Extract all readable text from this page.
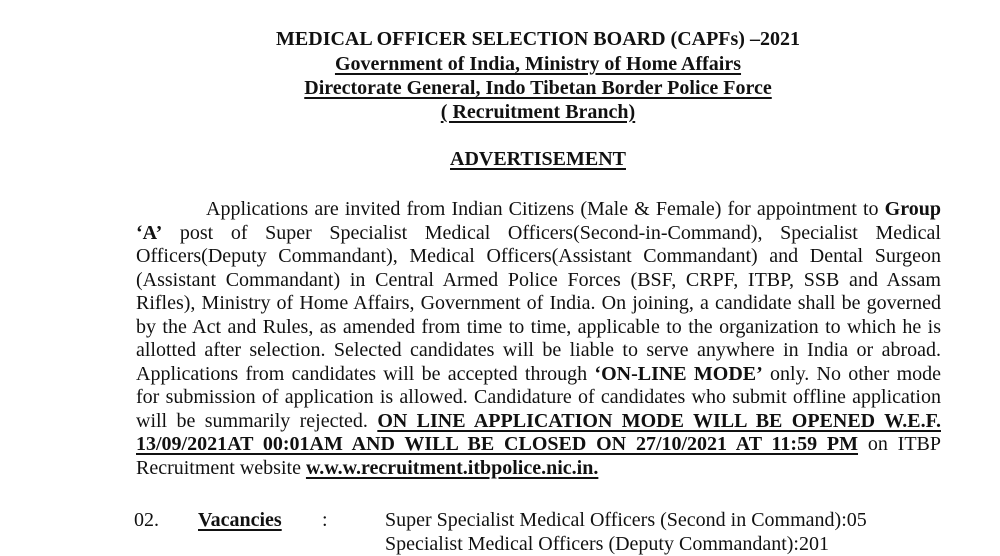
MEDICAL OFFICER SELECTION BOARD (CAPFs) –2021
Government of India, Ministry of Home Affairs
Directorate General, Indo Tibetan Border Police Force
( Recruitment Branch)
ADVERTISEMENT
Applications are invited from Indian Citizens (Male & Female) for appointment to Group ‘A’ post of Super Specialist Medical Officers(Second-in-Command), Specialist Medical Officers(Deputy Commandant), Medical Officers(Assistant Commandant) and Dental Surgeon (Assistant Commandant) in Central Armed Police Forces (BSF, CRPF, ITBP, SSB and Assam Rifles), Ministry of Home Affairs, Government of India. On joining, a candidate shall be governed by the Act and Rules, as amended from time to time, applicable to the organization to which he is allotted after selection. Selected candidates will be liable to serve anywhere in India or abroad. Applications from candidates will be accepted through ‘ON-LINE MODE’ only. No other mode for submission of application is allowed. Candidature of candidates who submit offline application will be summarily rejected. ON LINE APPLICATION MODE WILL BE OPENED W.E.F. 13/09/2021AT 00:01AM AND WILL BE CLOSED ON 27/10/2021 AT 11:59 PM on ITBP Recruitment website w.w.w.recruitment.itbpolice.nic.in.
02. Vacancies :	Super Specialist Medical Officers (Second in Command):05
Specialist Medical Officers (Deputy Commandant):201
